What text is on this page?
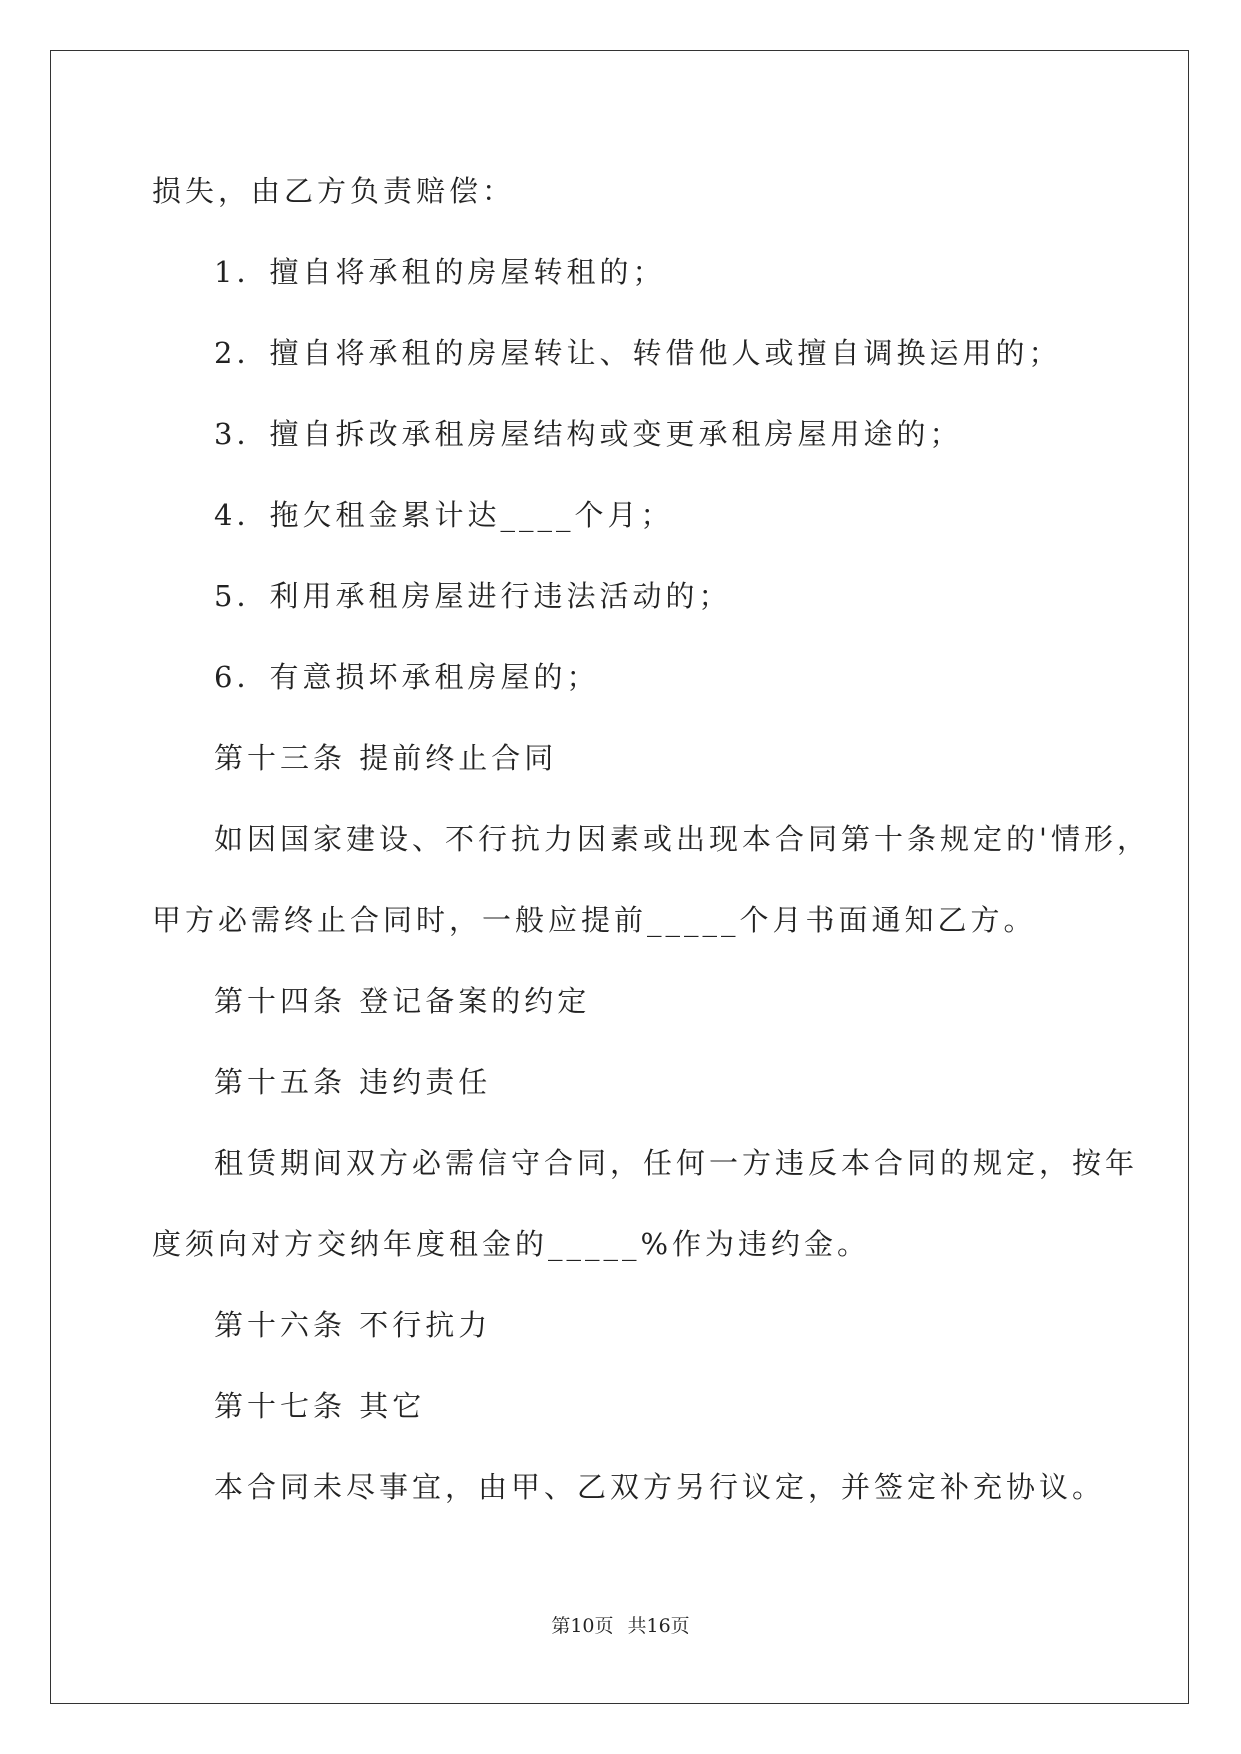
损失，由乙方负责赔偿：
1．擅自将承租的房屋转租的；
2．擅自将承租的房屋转让、转借他人或擅自调换运用的；
3．擅自拆改承租房屋结构或变更承租房屋用途的；
4．拖欠租金累计达____个月；
5．利用承租房屋进行违法活动的；
6．有意损坏承租房屋的；
第十三条 提前终止合同
如因国家建设、不行抗力因素或出现本合同第十条规定的'情形，
甲方必需终止合同时，一般应提前_____个月书面通知乙方。
第十四条 登记备案的约定
第十五条 违约责任
租赁期间双方必需信守合同，任何一方违反本合同的规定，按年
度须向对方交纳年度租金的_____%作为违约金。
第十六条 不行抗力
第十七条 其它
本合同未尽事宜，由甲、乙双方另行议定，并签定补充协议。
第10页 共16页
